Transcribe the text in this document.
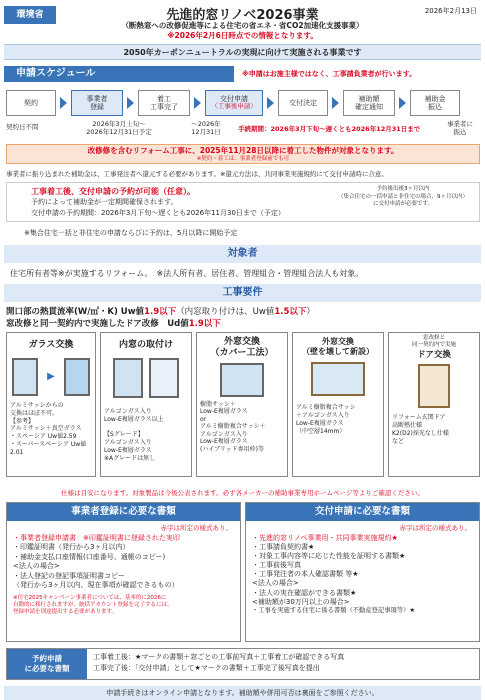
環境省	2026年2月13日
先進的窓リノベ2026事業
（断熱窓への改修促進等による住宅の省エネ・省CO2加速化支援事業）
※2026年2月6日時点での情報となります。
2050年カーボンニュートラルの実現に向けて実施される事業です
申請スケジュール	※申請はお施主様ではなく、工事請負業者が行います。
契約
事業者
登録
着工
工事完了
交付申請
（工事後申請）	交付決定
補助額
確定通知
補助金
振込
契約日不問	2026年3月上旬～
2026年12月31日予定
～2026年
12月31日	手続期間：2026年3月下旬～遅くとも2026年12月31日まで
事業者に
振込
改修修を含むリフォーム工事に、2025年11月28日以降に着工した物件が対象となります。
※契約・着工は、事業者登録前でも可
事業者に振り込まれた補助金は、工事発注者へ還元する必要があります。※還元方法は、共同事業実施規約にて交付申請時に合意。
工事着工後、交付申請の予約が可能（任意）。
予約によって補助金が一定期間確保されます。
交付申請の予約期間：2026年3月下旬～遅くとも2026年11月30日まで（予定）
予約後出後3ヶ月以内
（集合住宅の一括申請と非住宅の場合、9ヶ月以内）
に交付申請が必要です。
※集合住宅一括と非住宅の申請ならびに予約は、5月以降に開始予定
対象者
住宅所有者等※が実施するリフォーム。　※法人所有者、居住者、管理組合・管理組合法人も対象。
工事要件
開口部の熱貫流率(W/㎡・K) Uw値1.9以下（内窓取り付けは、Uw値1.5以下）
窓改修と同一契約内で実施したドア改修　Ud値1.9以下
ガラス交換
▶
アルミサッシからの
交換はほぼ不可。
【参考】
アルミサッシ＋真空ガラス
・スペーシア Uw値2.59
・スーパースペーシア Uw値2.01
内窓の取付け
アルゴンガス入り
Low-E複層ガラス以上

【Sグレード】
アルゴンガス入り
Low-E複層ガラス
※Aグレードは無し
外窓交換
（カバー工法）
樹脂サッシ＋
Low-E複層ガラス
or
アルミ樹脂複合サッシ＋
アルゴンガス入り
Low-E複層ガラス
(ハイブリッド専用枠)等
外窓交換
（壁を壊して新設）
アルミ樹脂複合サッシ
＋アルゴンガス入り
Low-E複層ガラス
（中空層14mm）
窓改修と
同一契約内で実施
ドア交換
リフォーム玄関ドア
高断熱仕様
K2(D2)採光なし仕様
など
仕様は目安になります。対象製品は今後公表されます。必ず各メーカーの補助事業専用ホームページ等よりご確認ください。
事業者登録に必要な書類
赤字は所定の様式あり。
・事業者登録申請書　※印鑑証明書に登録された実印
・印鑑証明書（発行から3ヶ月以内）
・補助金支払口座情報(口座番号、通帳のコピー)
<法人の場合>
・法人登記の登記事項証明書コピー
（発行から3ヶ月以内、現在事項が確認できるもの）
※住宅2025キャンペーン事業者については、基本的に2026に
自動的に移行されますが、統括アカウント登録を完了するには、
登録申請を別途提出する必要があります。
交付申請に必要な書類
赤字は所定の様式あり。
・先進的窓リノベ事業用・共同事業実施規約★
・工事請負契約書★
・対象工事内容等に応じた性能を証明する書類★
・工事前後写真
・工事発注者の本人確認書類 等★
<法人の場合>
・法人の実在確認ができる書類★
<補助額が30万円以上の場合>
・工事を実施する住宅に係る書類（不動産登記事項等）★
予約申請
に必要な書類
工事着工後：★マークの書類＋窓ごとの工事前写真＋工事着工が確認できる写真
工事完了後：「交付申請」として★マークの書類＋工事完了後写真を提出
申請手続きはオンライン申請となります。補助額や併用可否は裏面をご参照ください。
